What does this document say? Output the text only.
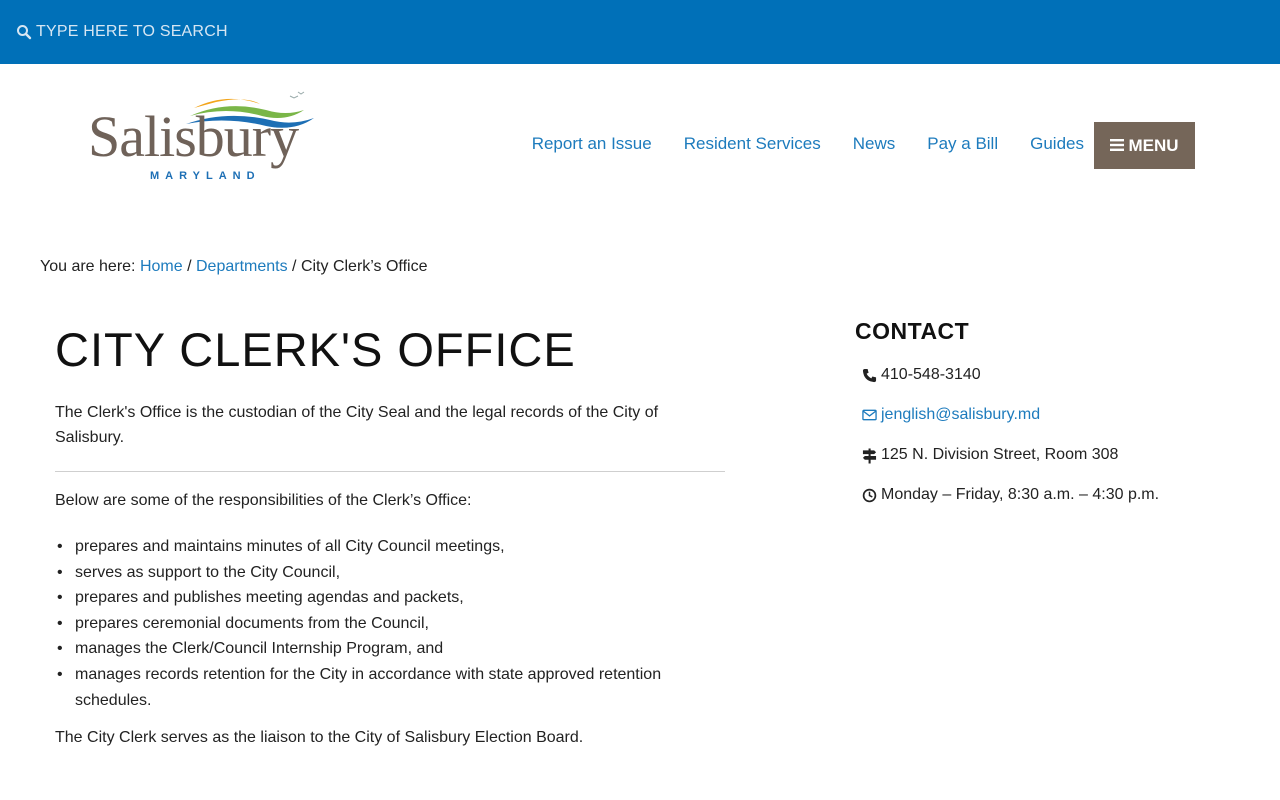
TYPE HERE TO SEARCH
Salisbury
MARYLAND
Report an Issue Resident Services News Pay a Bill Guides	MENU
You are here: Home / Departments / City Clerk’s Office
CITY CLERK'S OFFICE

The Clerk's Office is the custodian of the City Seal and the legal records of the City of Salisbury.

Below are some of the responsibilities of the Clerk’s Office:

• prepares and maintains minutes of all City Council meetings,
• serves as support to the City Council,
• prepares and publishes meeting agendas and packets,
• prepares ceremonial documents from the Council,
• manages the Clerk/Council Internship Program, and
• manages records retention for the City in accordance with state approved retention schedules.

The City Clerk serves as the liaison to the City of Salisbury Election Board.

CONTACT
410-548-3140
jenglish@salisbury.md
125 N. Division Street, Room 308
Monday – Friday, 8:30 a.m. – 4:30 p.m.
